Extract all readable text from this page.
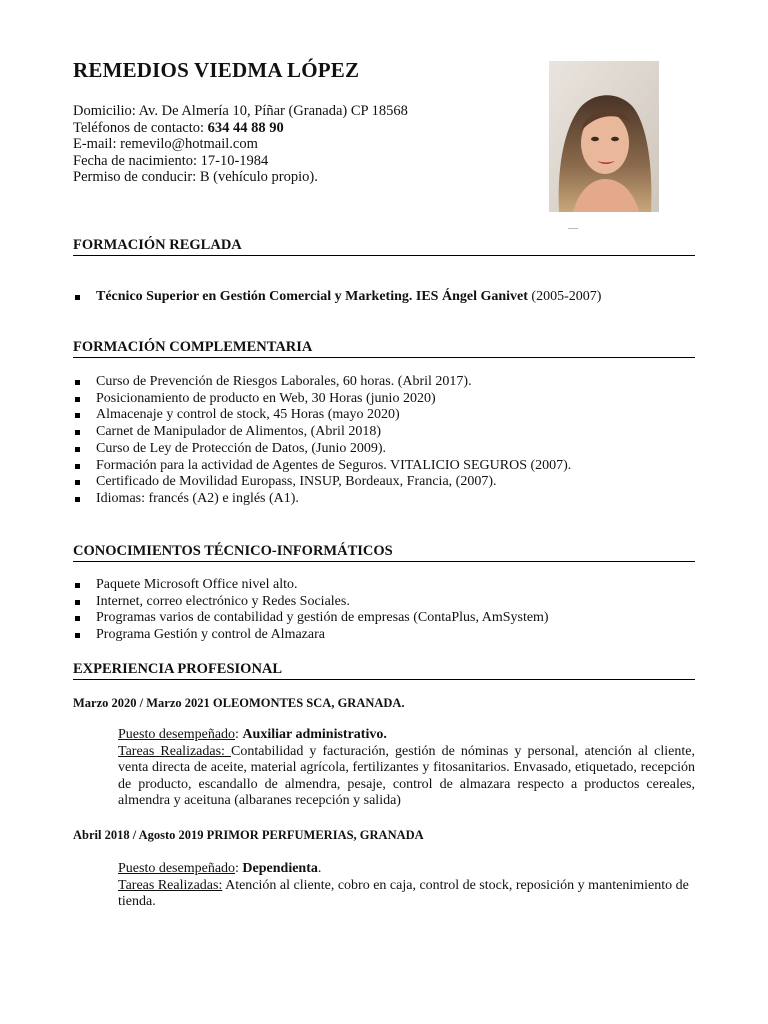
REMEDIOS VIEDMA LÓPEZ
Domicilio: Av. De Almería 10, Píñar (Granada) CP 18568
Teléfonos de contacto: 634 44 88 90
E-mail: remevilo@hotmail.com
Fecha de nacimiento: 17-10-1984
Permiso de conducir: B (vehículo propio).
FORMACIÓN REGLADA
Técnico Superior en Gestión Comercial y Marketing. IES Ángel Ganivet (2005-2007)
FORMACIÓN COMPLEMENTARIA
Curso de Prevención de Riesgos Laborales, 60 horas. (Abril 2017).
Posicionamiento de producto en Web, 30 Horas (junio 2020)
Almacenaje y control de stock, 45 Horas (mayo 2020)
Carnet de Manipulador de Alimentos, (Abril 2018)
Curso de Ley de Protección de Datos, (Junio 2009).
Formación para la actividad de Agentes de Seguros. VITALICIO SEGUROS (2007).
Certificado de Movilidad Europass, INSUP, Bordeaux, Francia, (2007).
Idiomas: francés (A2) e inglés (A1).
CONOCIMIENTOS TÉCNICO-INFORMÁTICOS
Paquete Microsoft Office nivel alto.
Internet, correo electrónico y Redes Sociales.
Programas varios de contabilidad y gestión de empresas (ContaPlus, AmSystem)
Programa Gestión y control de Almazara
EXPERIENCIA PROFESIONAL
Marzo 2020 / Marzo 2021 OLEOMONTES SCA, GRANADA.
Puesto desempeñado: Auxiliar administrativo.
Tareas Realizadas: Contabilidad y facturación, gestión de nóminas y personal, atención al cliente, venta directa de aceite, material agrícola, fertilizantes y fitosanitarios. Envasado, etiquetado, recepción de producto, escandallo de almendra, pesaje, control de almazara respecto a productos cereales, almendra y aceituna (albaranes recepción y salida)
Abril 2018 / Agosto 2019 PRIMOR PERFUMERIAS, GRANADA
Puesto desempeñado: Dependienta.
Tareas Realizadas: Atención al cliente, cobro en caja, control de stock, reposición y mantenimiento de tienda.
